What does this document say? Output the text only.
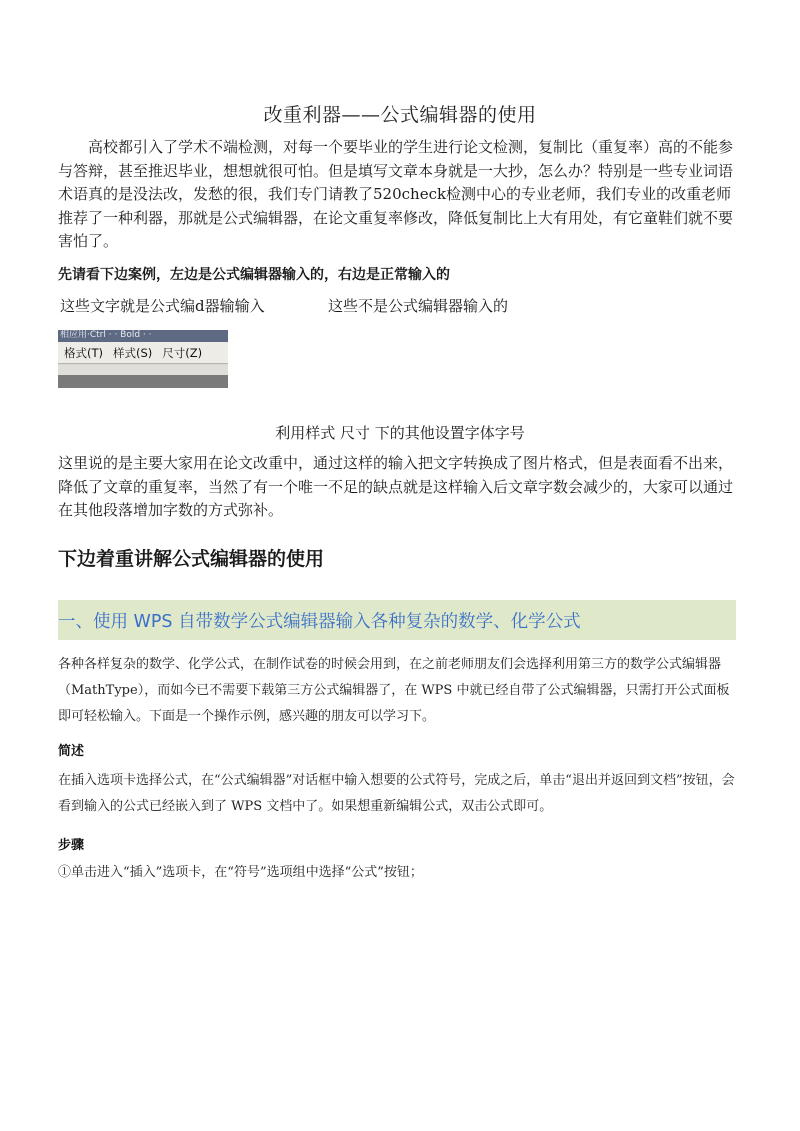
改重利器——公式编辑器的使用

高校都引入了学术不端检测，对每一个要毕业的学生进行论文检测，复制比（重复率）高的不能参与答辩，甚至推迟毕业，想想就很可怕。但是填写文章本身就是一大抄，怎么办？特别是一些专业词语术语真的是没法改，发愁的很，我们专门请教了520check检测中心的专业老师，我们专业的改重老师推荐了一种利器，那就是公式编辑器，在论文重复率修改，降低复制比上大有用处，有它童鞋们就不要害怕了。

先请看下边案例，左边是公式编辑器输入的，右边是正常输入的
这些文字就是公式编d器输输入	这些不是公式编辑器输入的
相应用·Ctrl · · Bold · ·
格式(T) 样式(S) 尺寸(Z)
利用样式 尺寸 下的其他设置字体字号

这里说的是主要大家用在论文改重中，通过这样的输入把文字转换成了图片格式，但是表面看不出来，降低了文章的重复率，当然了有一个唯一不足的缺点就是这样输入后文章字数会减少的，大家可以通过在其他段落增加字数的方式弥补。

下边着重讲解公式编辑器的使用
一、使用 WPS 自带数学公式编辑器输入各种复杂的数学、化学公式

各种各样复杂的数学、化学公式，在制作试卷的时候会用到，在之前老师朋友们会选择利用第三方的数学公式编辑器（MathType），而如今已不需要下载第三方公式编辑器了，在 WPS 中就已经自带了公式编辑器，只需打开公式面板即可轻松输入。下面是一个操作示例，感兴趣的朋友可以学习下。

简述

在插入选项卡选择公式，在“公式编辑器”对话框中输入想要的公式符号，完成之后，单击“退出并返回到文档”按钮，会看到输入的公式已经嵌入到了 WPS 文档中了。如果想重新编辑公式，双击公式即可。

步骤

①单击进入“插入”选项卡，在“符号”选项组中选择“公式”按钮；
